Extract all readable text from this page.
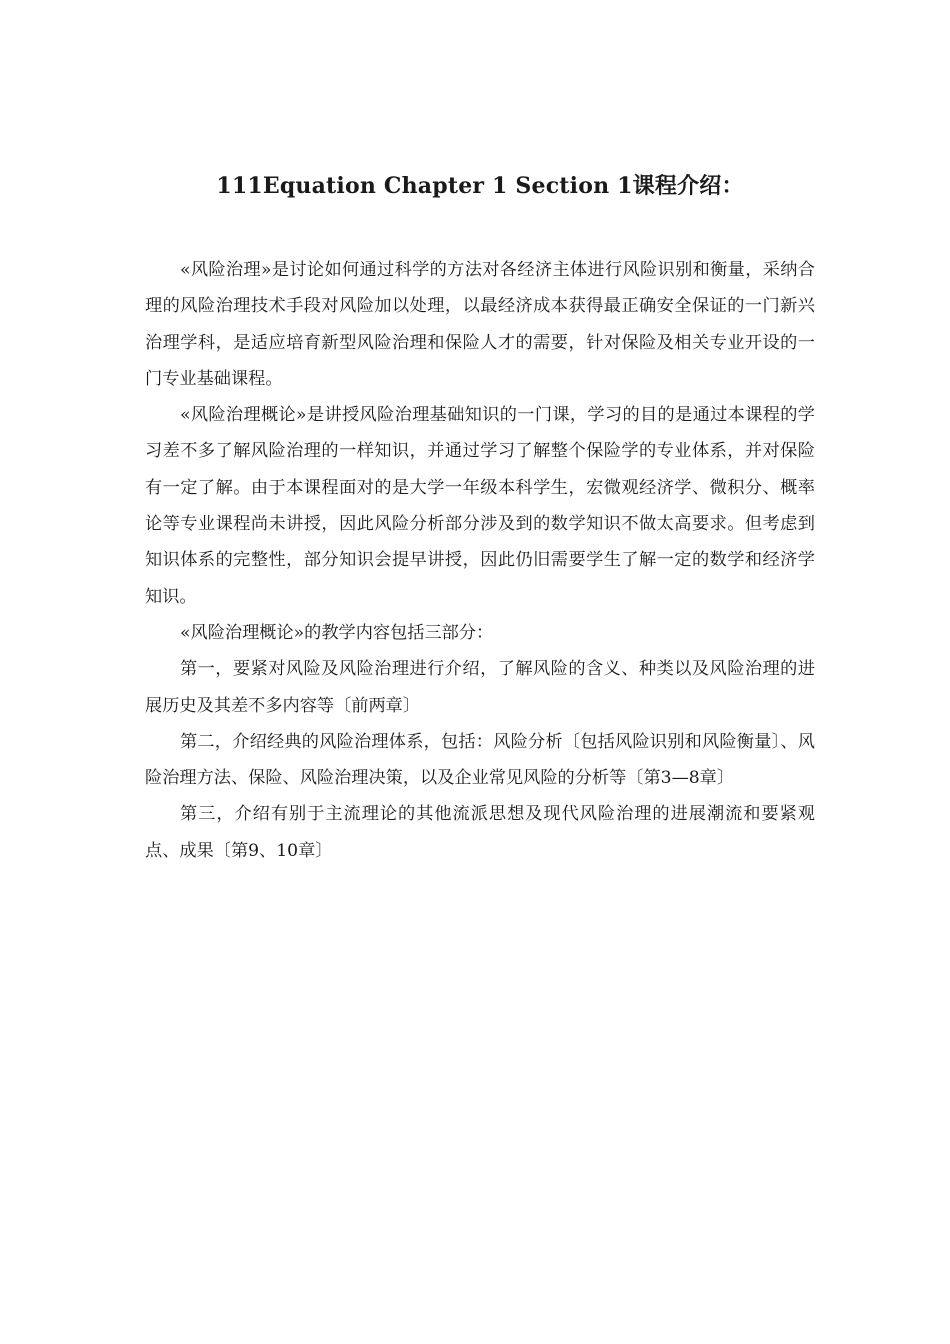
111Equation Chapter 1 Section 1课程介绍：

«风险治理»是讨论如何通过科学的方法对各经济主体进行风险识别和衡量，采纳合理的风险治理技术手段对风险加以处理，以最经济成本获得最正确安全保证的一门新兴治理学科，是适应培育新型风险治理和保险人才的需要，针对保险及相关专业开设的一门专业基础课程。

«风险治理概论»是讲授风险治理基础知识的一门课，学习的目的是通过本课程的学习差不多了解风险治理的一样知识，并通过学习了解整个保险学的专业体系，并对保险有一定了解。由于本课程面对的是大学一年级本科学生，宏微观经济学、微积分、概率论等专业课程尚未讲授，因此风险分析部分涉及到的数学知识不做太高要求。但考虑到知识体系的完整性，部分知识会提早讲授，因此仍旧需要学生了解一定的数学和经济学知识。

«风险治理概论»的教学内容包括三部分：

第一，要紧对风险及风险治理进行介绍，了解风险的含义、种类以及风险治理的进展历史及其差不多内容等〔前两章〕

第二，介绍经典的风险治理体系，包括：风险分析〔包括风险识别和风险衡量〕、风险治理方法、保险、风险治理决策，以及企业常见风险的分析等〔第3—8章〕

第三，介绍有别于主流理论的其他流派思想及现代风险治理的进展潮流和要紧观点、成果〔第9、10章〕
